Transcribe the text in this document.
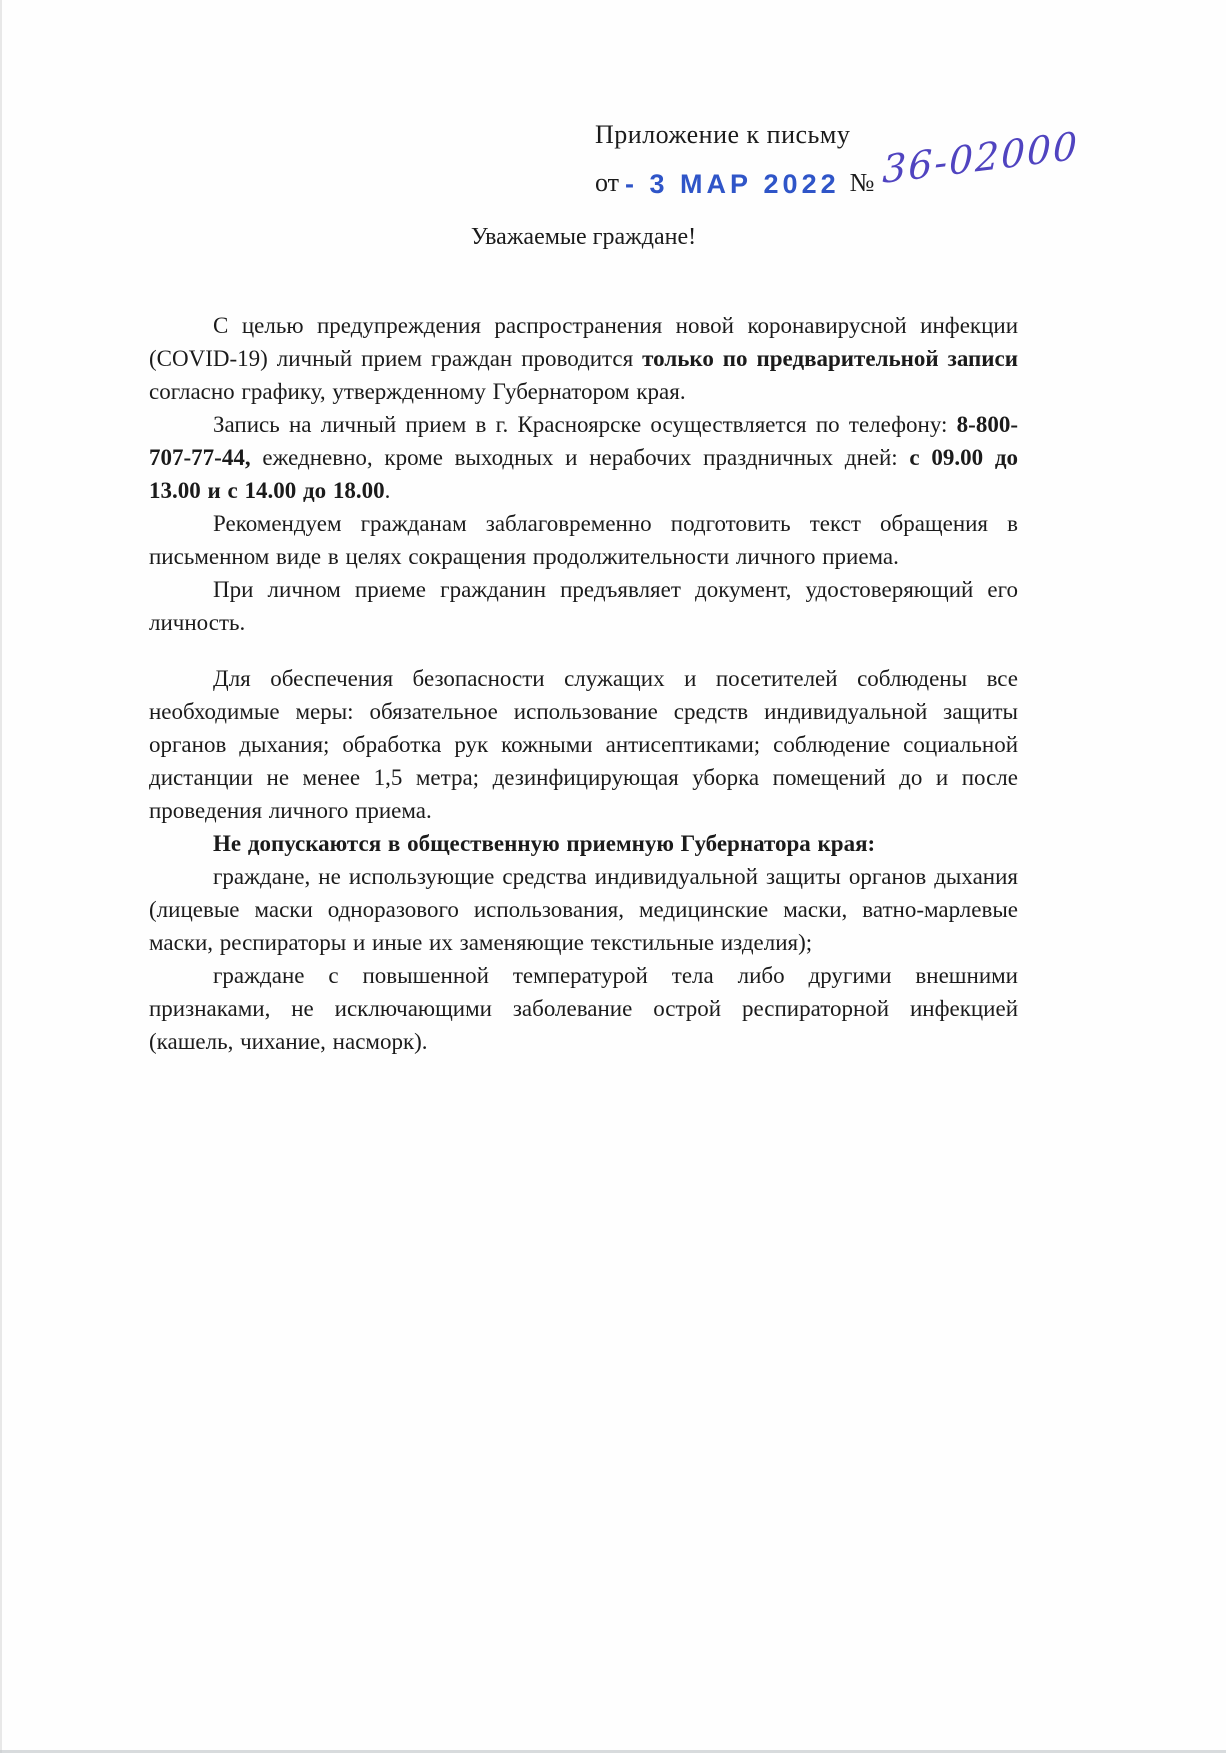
Приложение к письму
от - 3 МАР 2022 № 36-02000
Уважаемые граждане!

С целью предупреждения распространения новой коронавирусной инфекции (COVID-19) личный прием граждан проводится только по предварительной записи согласно графику, утвержденному Губернатором края.

Запись на личный прием в г. Красноярске осуществляется по телефону: 8-800-707-77-44, ежедневно, кроме выходных и нерабочих праздничных дней: с 09.00 до 13.00 и с 14.00 до 18.00.

Рекомендуем гражданам заблаговременно подготовить текст обращения в письменном виде в целях сокращения продолжительности личного приема.

При личном приеме гражданин предъявляет документ, удостоверяющий его личность.

Для обеспечения безопасности служащих и посетителей соблюдены все необходимые меры: обязательное использование средств индивидуальной защиты органов дыхания; обработка рук кожными антисептиками; соблюдение социальной дистанции не менее 1,5 метра; дезинфицирующая уборка помещений до и после проведения личного приема.

Не допускаются в общественную приемную Губернатора края:

граждане, не использующие средства индивидуальной защиты органов дыхания (лицевые маски одноразового использования, медицинские маски, ватно-марлевые маски, респираторы и иные их заменяющие текстильные изделия);

граждане с повышенной температурой тела либо другими внешними признаками, не исключающими заболевание острой респираторной инфекцией (кашель, чихание, насморк).
